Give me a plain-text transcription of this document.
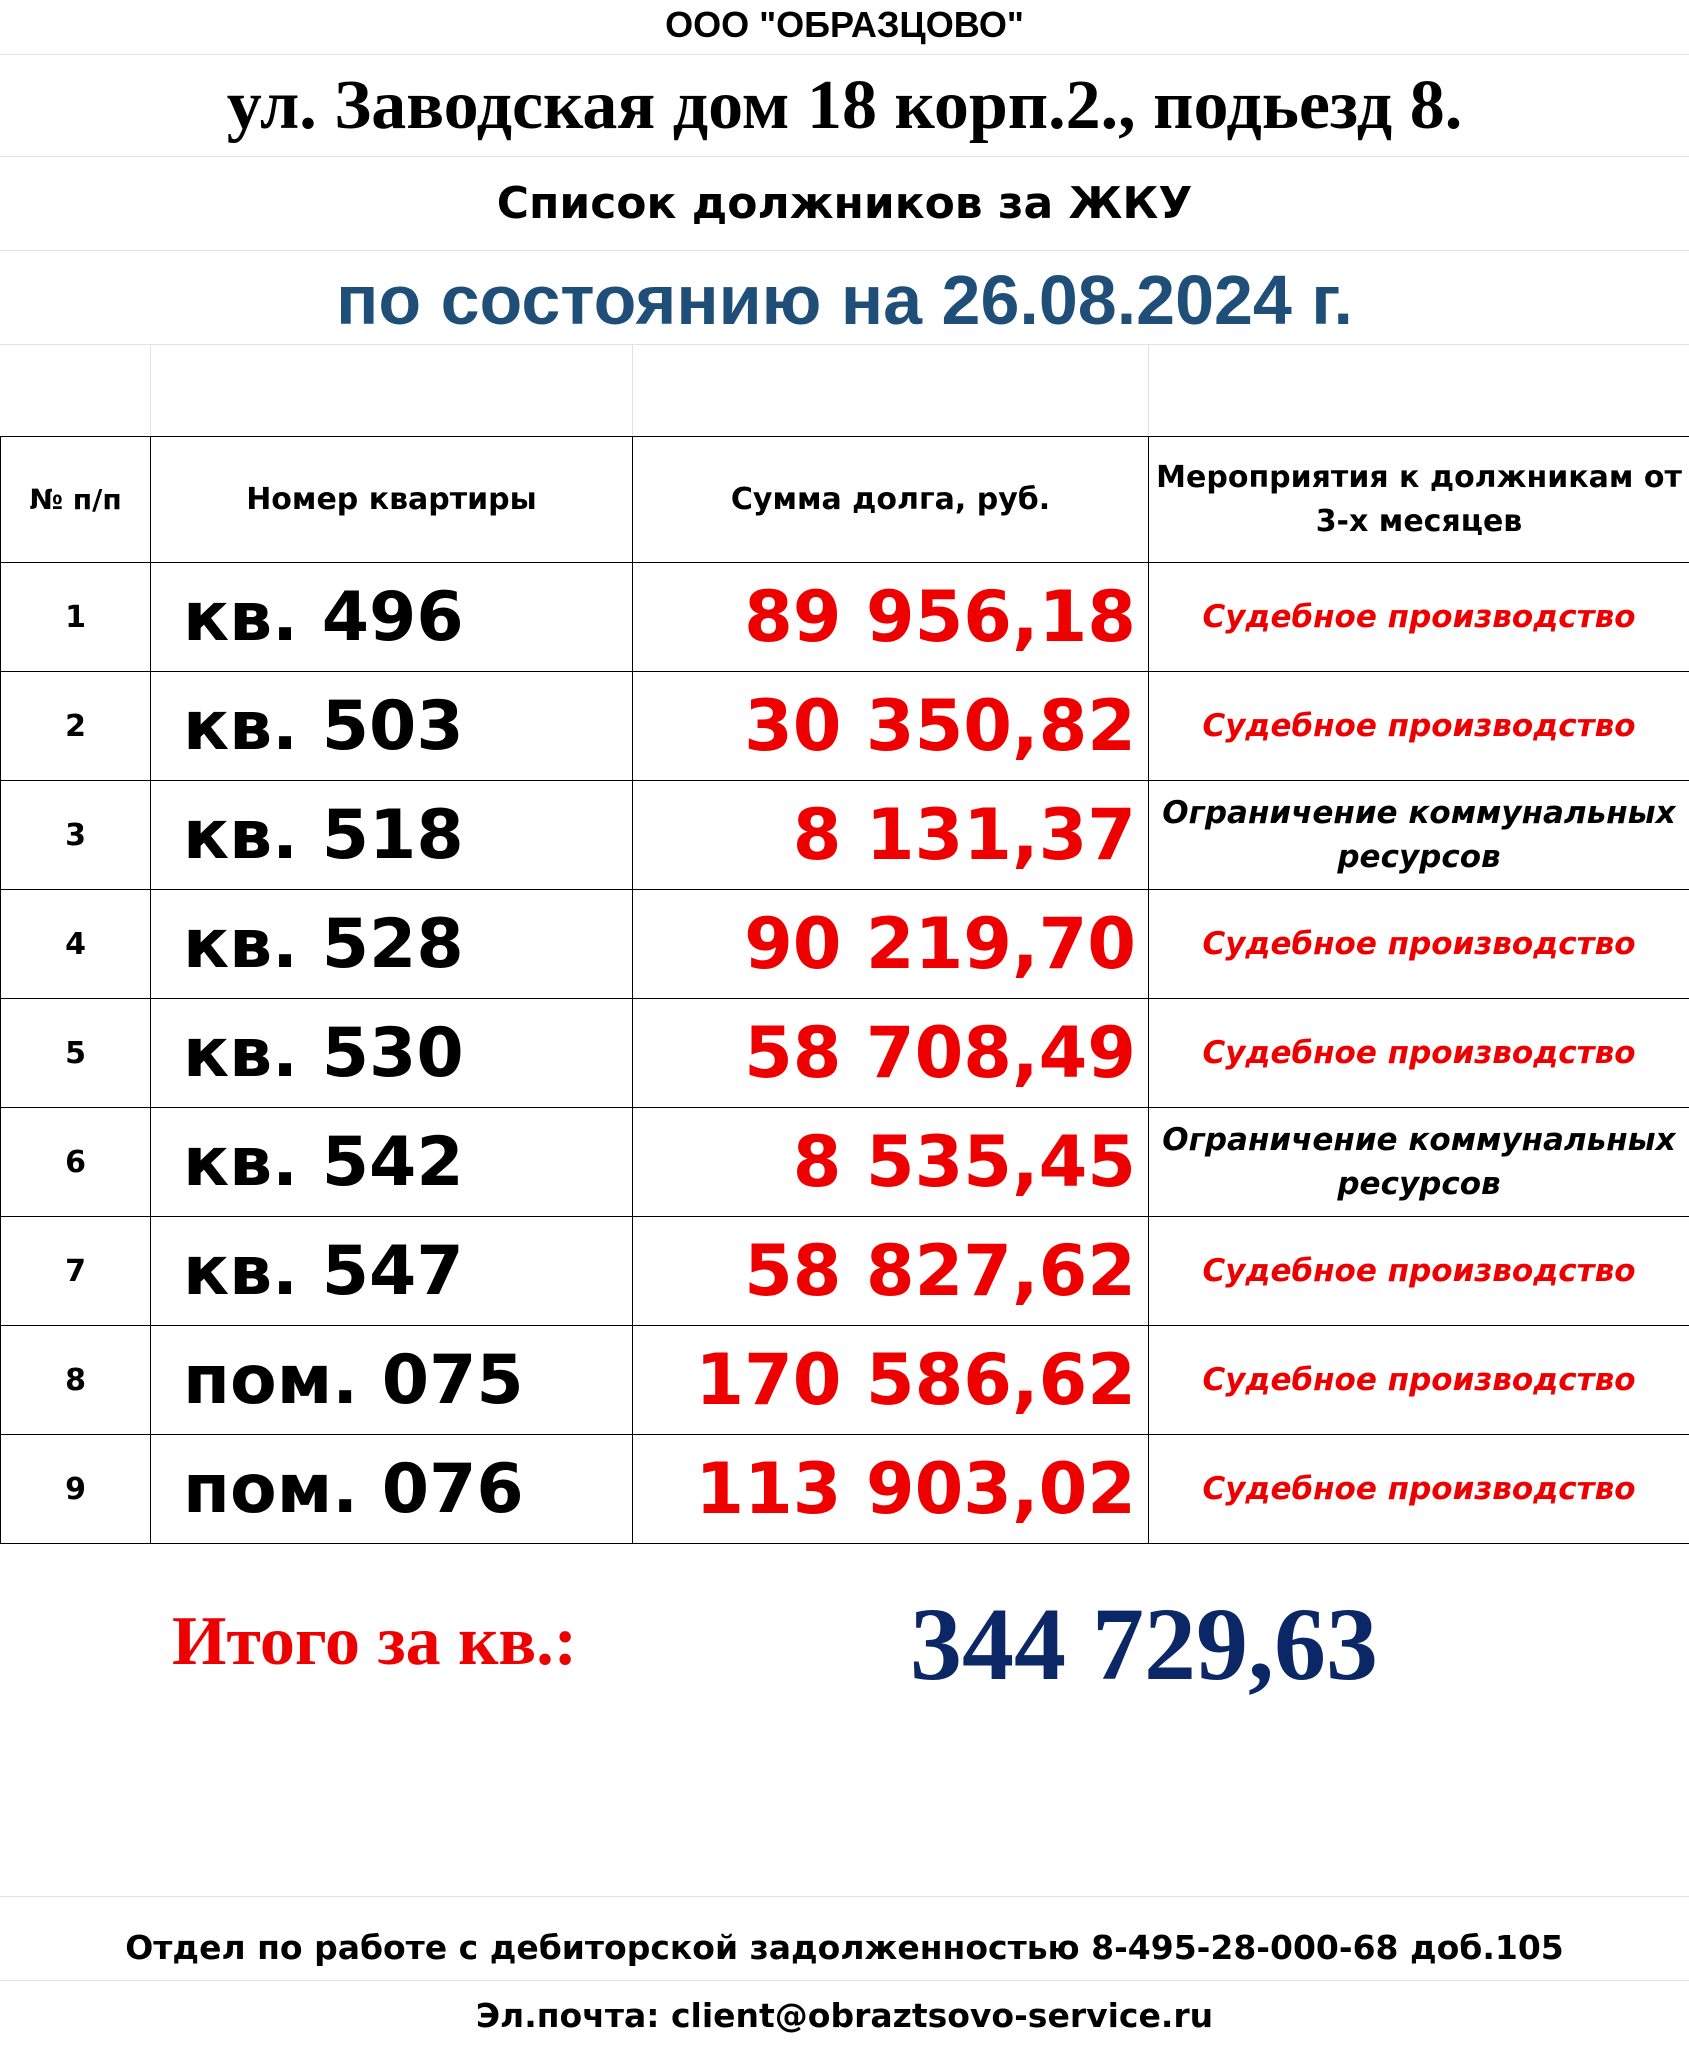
ООО "ОБРАЗЦОВО"
ул. Заводская дом 18 корп.2., подьезд 8.
Список должников за ЖКУ
по состоянию на 26.08.2024 г.
№ п/п	Номер квартиры	Сумма долга, руб.	Мероприятия к должникам от 3-х месяцев
1	кв. 496	89 956,18	Судебное производство
2	кв. 503	30 350,82	Судебное производство
3	кв. 518	8 131,37	Ограничение коммунальных ресурсов
4	кв. 528	90 219,70	Судебное производство
5	кв. 530	58 708,49	Судебное производство
6	кв. 542	8 535,45	Ограничение коммунальных ресурсов
7	кв. 547	58 827,62	Судебное производство
8	пом. 075	170 586,62	Судебное производство
9	пом. 076	113 903,02	Судебное производство
Итого за кв.:	344 729,63
Отдел по работе с дебиторской задолженностью 8-495-28-000-68 доб.105
Эл.почта: client@obraztsovo-service.ru
